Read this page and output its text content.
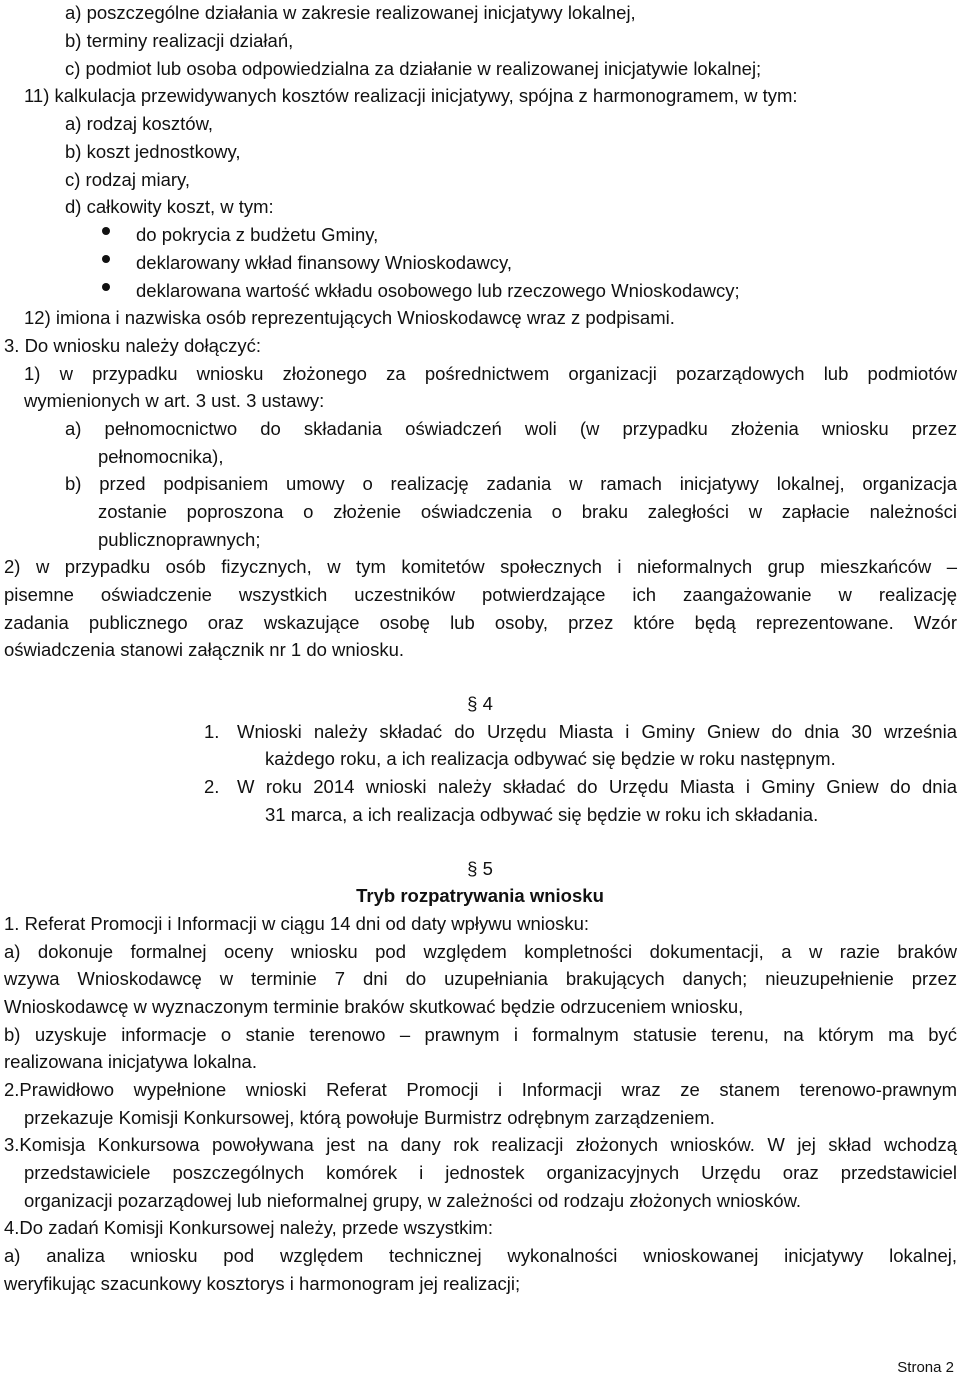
a) poszczególne działania w zakresie realizowanej inicjatywy lokalnej,
b) terminy realizacji działań,
c) podmiot lub osoba odpowiedzialna za działanie w realizowanej inicjatywie lokalnej;
11) kalkulacja przewidywanych kosztów realizacji inicjatywy, spójna z harmonogramem, w tym:
a) rodzaj kosztów,
b) koszt jednostkowy,
c) rodzaj miary,
d) całkowity koszt, w tym:
do pokrycia z budżetu Gminy,
deklarowany wkład finansowy Wnioskodawcy,
deklarowana wartość wkładu osobowego lub rzeczowego Wnioskodawcy;
12) imiona i nazwiska osób reprezentujących Wnioskodawcę wraz z podpisami.
3. Do wniosku należy dołączyć:
1) w przypadku wniosku złożonego za pośrednictwem organizacji pozarządowych lub podmiotów
wymienionych w art. 3 ust. 3 ustawy:
a) pełnomocnictwo do składania oświadczeń woli (w przypadku złożenia wniosku przez
pełnomocnika),
b) przed podpisaniem umowy o realizację zadania w ramach inicjatywy lokalnej, organizacja
zostanie poproszona o złożenie oświadczenia o braku zaległości w zapłacie należności
publicznoprawnych;
2) w przypadku osób fizycznych, w tym komitetów społecznych i nieformalnych grup mieszkańców –
pisemne oświadczenie wszystkich uczestników potwierdzające ich zaangażowanie w realizację
zadania publicznego oraz wskazujące osobę lub osoby, przez które będą reprezentowane. Wzór
oświadczenia stanowi załącznik nr 1 do wniosku.
§ 4
1. Wnioski należy składać do Urzędu Miasta i Gminy Gniew do dnia 30 września
każdego roku, a ich realizacja odbywać się będzie w roku następnym.
2. W roku 2014 wnioski należy składać do Urzędu Miasta i Gminy Gniew do dnia
31 marca, a ich realizacja odbywać się będzie w roku ich składania.
§ 5
Tryb rozpatrywania wniosku
1. Referat Promocji i Informacji w ciągu 14 dni od daty wpływu wniosku:
a) dokonuje formalnej oceny wniosku pod względem kompletności dokumentacji, a w razie braków
wzywa Wnioskodawcę w terminie 7 dni do uzupełniania brakujących danych; nieuzupełnienie przez
Wnioskodawcę w wyznaczonym terminie braków skutkować będzie odrzuceniem wniosku,
b) uzyskuje informacje o stanie terenowo – prawnym i formalnym statusie terenu, na którym ma być
realizowana inicjatywa lokalna.
2.Prawidłowo wypełnione wnioski Referat Promocji i Informacji wraz ze stanem terenowo-prawnym
przekazuje Komisji Konkursowej, którą powołuje Burmistrz odrębnym zarządzeniem.
3.Komisja Konkursowa powoływana jest na dany rok realizacji złożonych wniosków. W jej skład wchodzą
przedstawiciele poszczególnych komórek i jednostek organizacyjnych Urzędu oraz przedstawiciel
organizacji pozarządowej lub nieformalnej grupy, w zależności od rodzaju złożonych wniosków.
4.Do zadań Komisji Konkursowej należy, przede wszystkim:
a) analiza wniosku pod względem technicznej wykonalności wnioskowanej inicjatywy lokalnej,
weryfikując szacunkowy kosztorys i harmonogram jej realizacji;
Strona 2
